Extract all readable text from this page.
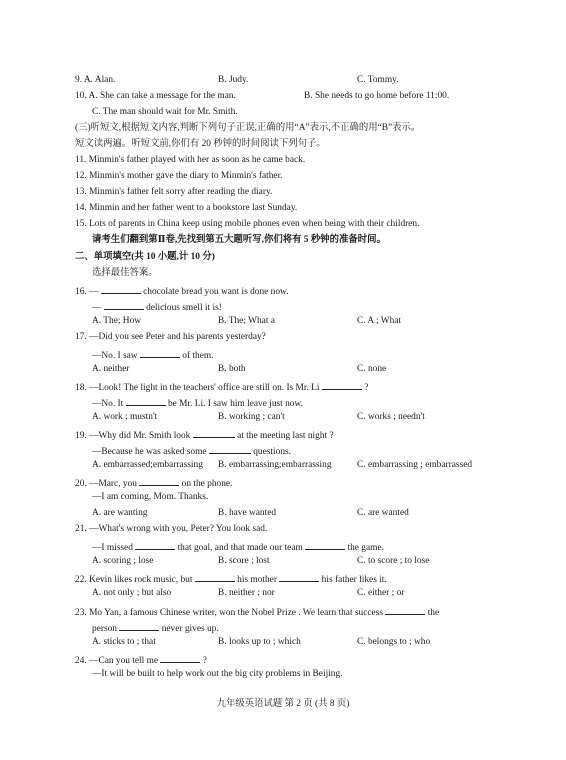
9. A. Alan.	B. Judy.	C. Tommy.
10. A. She can take a message for the man.	B. She needs to go home before 11:00.
C. The man should wait for Mr. Smith.
(三)听短文,根据短文内容,判断下列句子正误,正确的用“A”表示,不正确的用“B”表示。
短文读两遍。听短文前,你们有 20 秒钟的时间阅读下列句子。
11. Minmin's father played with her as soon as he came back.
12. Minmin's mother gave the diary to Minmin's father.
13. Minmin's father felt sorry after reading the diary.
14. Minmin and her father went to a bookstore last Sunday.
15. Lots of parents in China keep using mobile phones even when being with their children.
请考生们翻到第Ⅱ卷,先找到第五大题听写,你们将有 5 秒钟的准备时间。
二、单项填空(共 10 小题,计 10 分)
选择最佳答案。
16. —	chocolate bread you want is done now.
—	delicious smell it is!
A. The; How	B. The; What a	C. A ; What
17. —Did you see Peter and his parents yesterday?
—No. I saw	of them.
A. neither	B. both	C. none
18. —Look! The light in the teachers' office are still on. Is Mr. Li	?
—No. It	be Mr. Li. I saw him leave just now.
A. work ; mustn't	B. working ; can't	C. works ; needn't
19. —Why did Mr. Smith look	at the meeting last night ?
—Because he was asked some	questions.
A. embarrassed;embarrassing B. embarrassing;embarrassing	C. embarrassing ; embarrassed
20. —Marc, you	on the phone.
—I am coming, Mom. Thanks.
A. are wanting	B. have wanted	C. are wanted
21. —What's wrong with you, Peter? You look sad.
—I missed	that goal, and that made our team	the game.
A. scoring ; lose	B. score ; lost	C. to score ; to lose
22. Kevin likes rock music, but	his mother	his father likes it.
A. not only ; but also	B. neither ; nor	C. either ; or
23. Mo Yan, a famous Chinese writer, won the Nobel Prize . We learn that success	the
person	never gives up.
A. sticks to ; that	B. looks up to ; which	C. belongs to ; who
24. —Can you tell me	?
—It will be built to help work out the big city problems in Beijing.
九年级英语试题 第 2 页 (共 8 页)
